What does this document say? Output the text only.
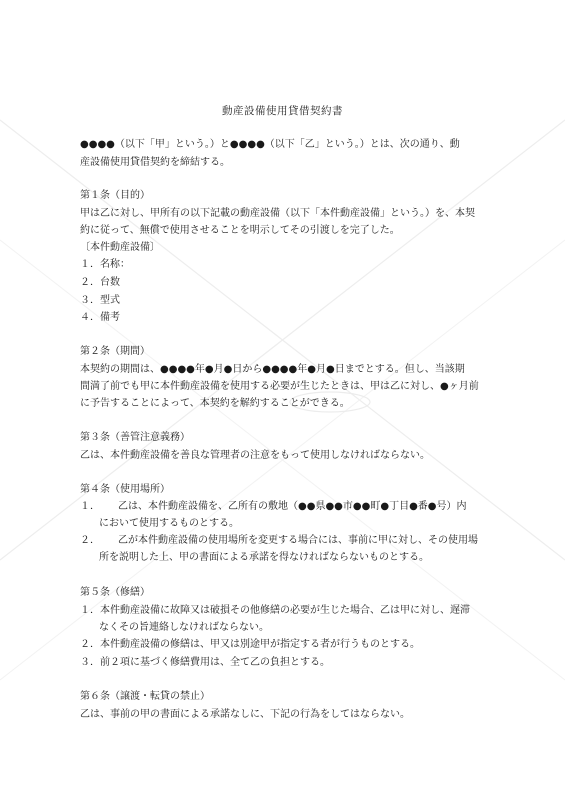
動産設備使用貸借契約書
●●●●（以下「甲」という。）と●●●●（以下「乙」という。）とは、次の通り、動
産設備使用貸借契約を締結する。
第１条（目的）
甲は乙に対し、甲所有の以下記載の動産設備（以下「本件動産設備」という。）を、本契
約に従って、無償で使用させることを明示してその引渡しを完了した。
〔本件動産設備〕
１．名称：
２．台数
３．型式
４．備考
第２条（期間）
本契約の期間は、●●●●年●月●日から●●●●年●月●日までとする。但し、当該期
間満了前でも甲に本件動産設備を使用する必要が生じたときは、甲は乙に対し、●ヶ月前
に予告することによって、本契約を解約することができる。
第３条（善管注意義務）
乙は、本件動産設備を善良な管理者の注意をもって使用しなければならない。
第４条（使用場所）
１． 乙は、本件動産設備を、乙所有の敷地（●●県●●市●●町●丁目●番●号）内
において使用するものとする。
２． 乙が本件動産設備の使用場所を変更する場合には、事前に甲に対し、その使用場
所を説明した上、甲の書面による承諾を得なければならないものとする。
第５条（修繕）
１．本件動産設備に故障又は破損その他修繕の必要が生じた場合、乙は甲に対し、遅滞
なくその旨連絡しなければならない。
２．本件動産設備の修繕は、甲又は別途甲が指定する者が行うものとする。
３．前２項に基づく修繕費用は、全て乙の負担とする。
第６条（譲渡・転貸の禁止）
乙は、事前の甲の書面による承諾なしに、下記の行為をしてはならない。
